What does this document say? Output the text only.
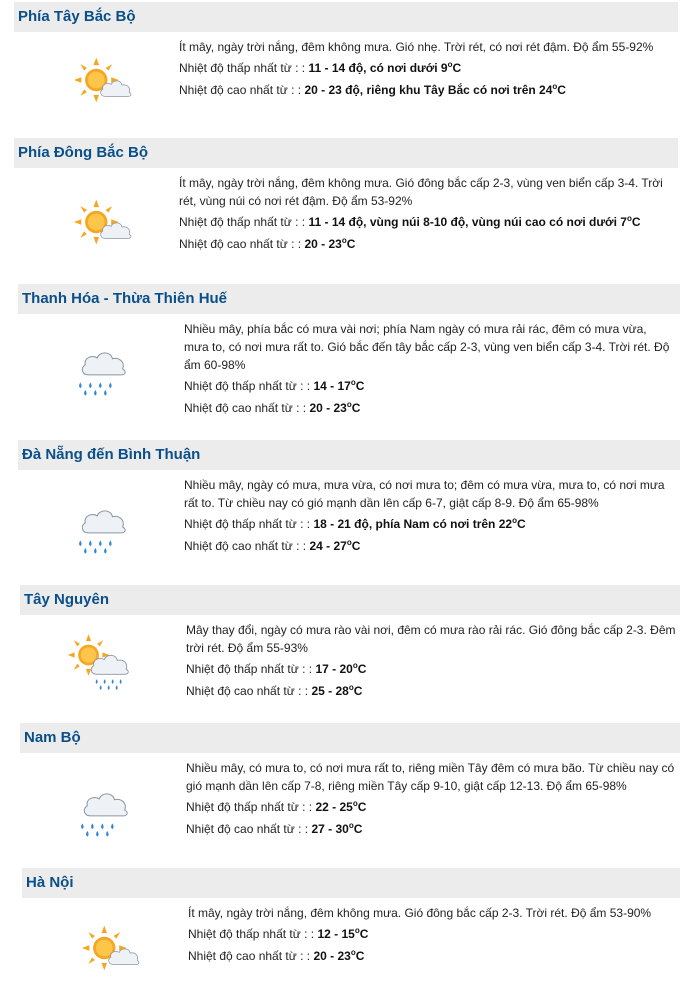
Phía Tây Bắc Bộ
Ít mây, ngày trời nắng, đêm không mưa. Gió nhẹ. Trời rét, có nơi rét đậm. Độ ẩm 55-92%
Nhiệt độ thấp nhất từ : : 11 - 14 độ, có nơi dưới 9$^o$C
Nhiệt độ cao nhất từ : : 20 - 23 độ, riêng khu Tây Bắc có nơi trên 24$^o$C
Phía Đông Bắc Bộ
Ít mây, ngày trời nắng, đêm không mưa. Gió đông bắc cấp 2-3, vùng ven biển cấp 3-4. Trời rét, vùng núi có nơi rét đậm. Độ ẩm 53-92%
Nhiệt độ thấp nhất từ : : 11 - 14 độ, vùng núi 8-10 độ, vùng núi cao có nơi dưới 7$^o$C
Nhiệt độ cao nhất từ : : 20 - 23$^o$C
Thanh Hóa - Thừa Thiên Huế
Nhiều mây, phía bắc có mưa vài nơi; phía Nam ngày có mưa rải rác, đêm có mưa vừa, mưa to, có nơi mưa rất to. Gió bắc đến tây bắc cấp 2-3, vùng ven biển cấp 3-4. Trời rét. Độ ẩm 60-98%
Nhiệt độ thấp nhất từ : : 14 - 17$^o$C
Nhiệt độ cao nhất từ : : 20 - 23$^o$C
Đà Nẵng đến Bình Thuận
Nhiều mây, ngày có mưa, mưa vừa, có nơi mưa to; đêm có mưa vừa, mưa to, có nơi mưa rất to. Từ chiều nay có gió mạnh dần lên cấp 6-7, giật cấp 8-9. Độ ẩm 65-98%
Nhiệt độ thấp nhất từ : : 18 - 21 độ, phía Nam có nơi trên 22$^o$C
Nhiệt độ cao nhất từ : : 24 - 27$^o$C
Tây Nguyên
Mây thay đổi, ngày có mưa rào vài nơi, đêm có mưa rào rải rác. Gió đông bắc cấp 2-3. Đêm trời rét. Độ ẩm 55-93%
Nhiệt độ thấp nhất từ : : 17 - 20$^o$C
Nhiệt độ cao nhất từ : : 25 - 28$^o$C
Nam Bộ
Nhiều mây, có mưa to, có nơi mưa rất to, riêng miền Tây đêm có mưa bão. Từ chiều nay có gió mạnh dần lên cấp 7-8, riêng miền Tây cấp 9-10, giật cấp 12-13. Độ ẩm 65-98%
Nhiệt độ thấp nhất từ : : 22 - 25$^o$C
Nhiệt độ cao nhất từ : : 27 - 30$^o$C
Hà Nội
Ít mây, ngày trời nắng, đêm không mưa. Gió đông bắc cấp 2-3. Trời rét. Độ ẩm 53-90%
Nhiệt độ thấp nhất từ : : 12 - 15$^o$C
Nhiệt độ cao nhất từ : : 20 - 23$^o$C
